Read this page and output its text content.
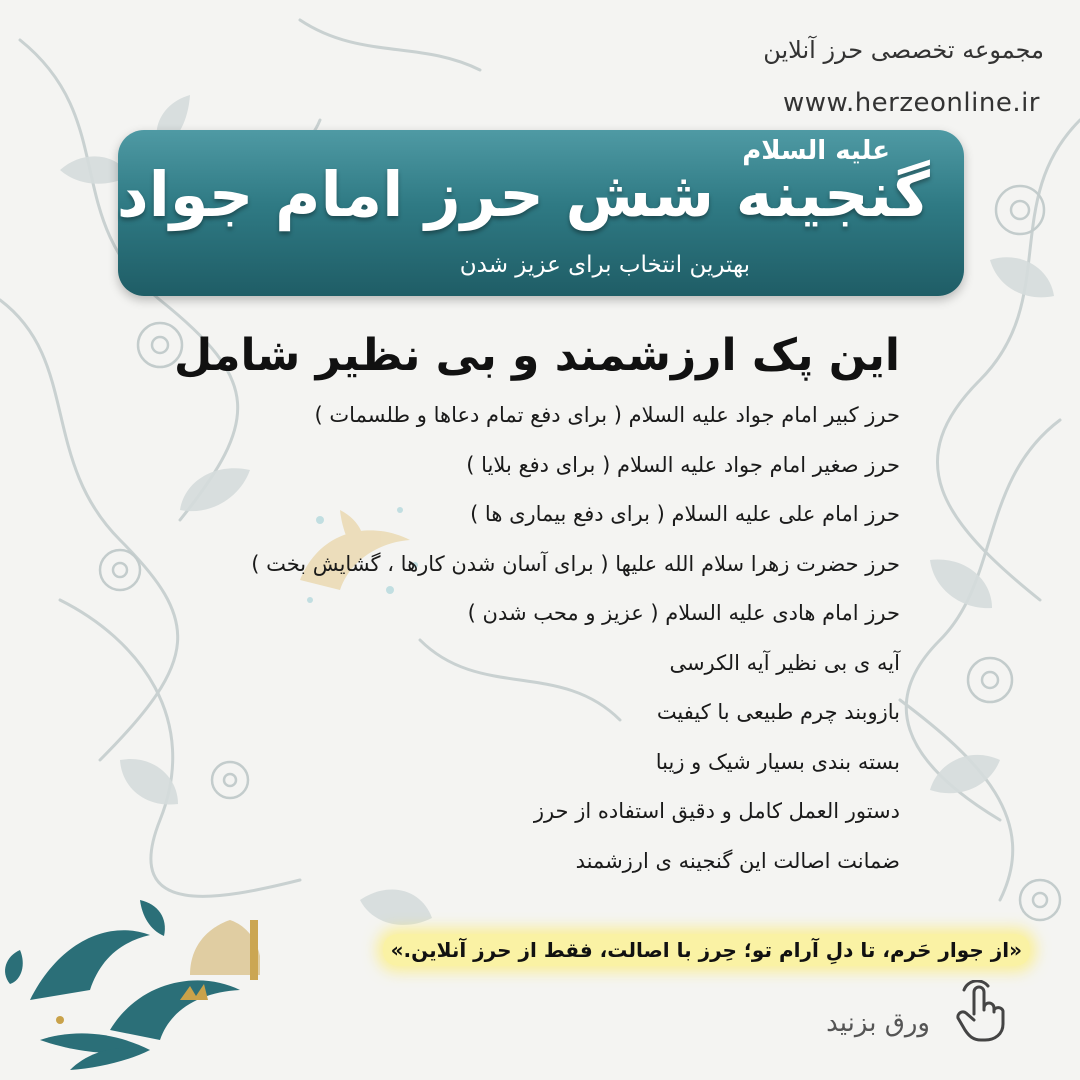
مجموعه تخصصی حرز آنلاین
www.herzeonline.ir
علیه السلام
گنجینه شش حرز امام جواد
بهترین انتخاب برای عزیز شدن
این پک ارزشمند و بی نظیر شامل
حرز کبیر امام جواد علیه السلام ( برای دفع تمام دعاها و طلسمات )
حرز صغیر امام جواد علیه السلام ( برای دفع بلایا )
حرز امام علی علیه السلام ( برای دفع بیماری ها )
حرز حضرت زهرا سلام الله علیها ( برای آسان شدن کارها ، گشایش بخت )
حرز امام هادی علیه السلام ( عزیز و محب شدن )
آیه ی بی نظیر آیه الکرسی
بازوبند چرم طبیعی با کیفیت
بسته بندی بسیار شیک و زیبا
دستور العمل کامل و دقیق استفاده از حرز
ضمانت اصالت این گنجینه ی ارزشمند
«از جوار حَرم، تا دلِ آرام تو؛ حِرز با اصالت، فقط از حرز آنلاین.»
ورق بزنید
